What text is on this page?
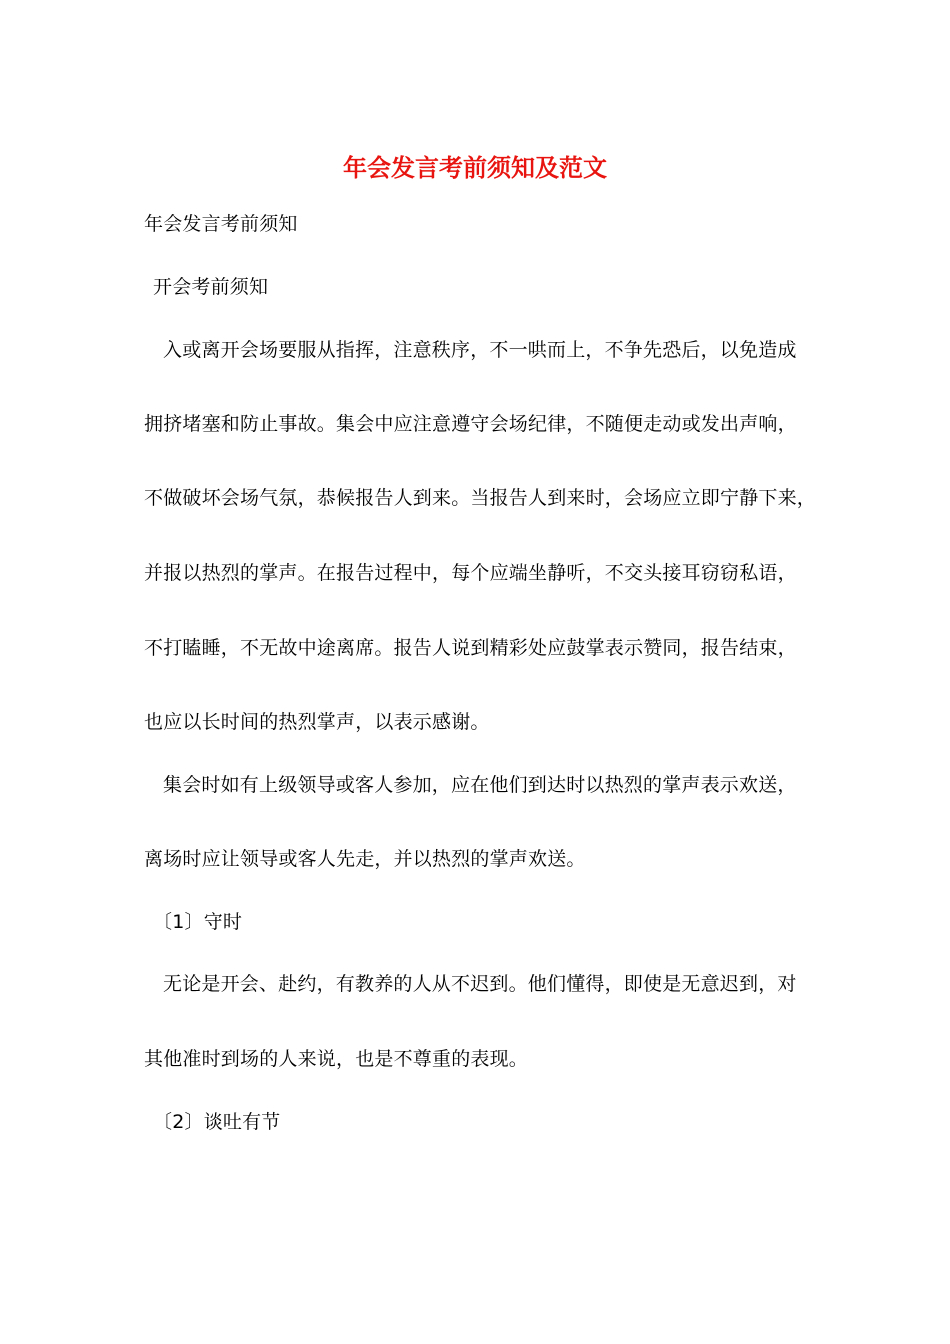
年会发言考前须知及范文
年会发言考前须知
开会考前须知
入或离开会场要服从指挥，注意秩序，不一哄而上，不争先恐后，以免造成
拥挤堵塞和防止事故。集会中应注意遵守会场纪律，不随便走动或发出声响，
不做破坏会场气氛，恭候报告人到来。当报告人到来时，会场应立即宁静下来，
并报以热烈的掌声。在报告过程中，每个应端坐静听，不交头接耳窃窃私语，
不打瞌睡，不无故中途离席。报告人说到精彩处应鼓掌表示赞同，报告结束，
也应以长时间的热烈掌声，以表示感谢。
集会时如有上级领导或客人参加，应在他们到达时以热烈的掌声表示欢送，
离场时应让领导或客人先走，并以热烈的掌声欢送。
〔1〕守时
无论是开会、赴约，有教养的人从不迟到。他们懂得，即使是无意迟到，对
其他准时到场的人来说，也是不尊重的表现。
〔2〕谈吐有节
